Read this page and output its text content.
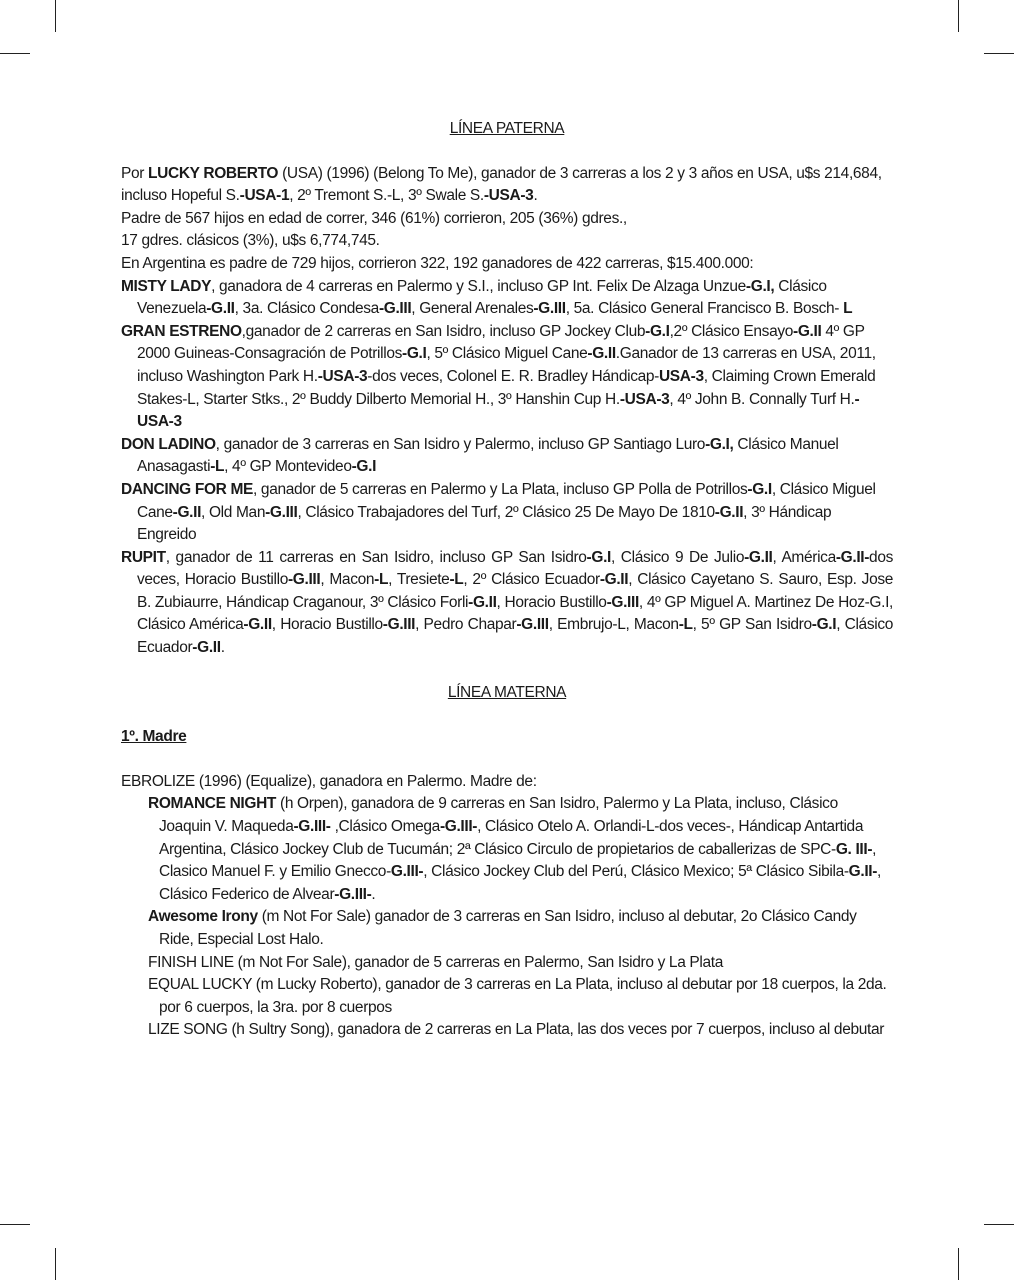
LÍNEA PATERNA

Por LUCKY ROBERTO (USA) (1996) (Belong To Me), ganador de 3 carreras a los 2 y 3 años en USA, u$s 214,684, incluso Hopeful S.-USA-1, 2º Tremont S.-L, 3º Swale S.-USA-3.

Padre de 567 hijos en edad de correr, 346 (61%) corrieron, 205 (36%) gdres.,

17 gdres. clásicos (3%), u$s 6,774,745.

En Argentina es padre de 729 hijos, corrieron 322, 192 ganadores de 422 carreras, $15.400.000:

MISTY LADY, ganadora de 4 carreras en Palermo y S.I., incluso GP Int. Felix De Alzaga Unzue-G.I, Clásico Venezuela-G.II, 3a. Clásico Condesa-G.III, General Arenales-G.III, 5a. Clásico General Francisco B. Bosch- L

GRAN ESTRENO,ganador de 2 carreras en San Isidro, incluso GP Jockey Club-G.I,2º Clásico Ensayo-G.II 4º GP 2000 Guineas-Consagración de Potrillos-G.I, 5º Clásico Miguel Cane-G.II.Ganador de 13 carreras en USA, 2011, incluso Washington Park H.-USA-3-dos veces, Colonel E. R. Bradley Hándicap-USA-3, Claiming Crown Emerald Stakes-L, Starter Stks., 2º Buddy Dilberto Memorial H., 3º Hanshin Cup H.-USA-3, 4º John B. Connally Turf H.-USA-3

DON LADINO, ganador de 3 carreras en San Isidro y Palermo, incluso GP Santiago Luro-G.I, Clásico Manuel Anasagasti-L, 4º GP Montevideo-G.I

DANCING FOR ME, ganador de 5 carreras en Palermo y La Plata, incluso GP Polla de Potrillos-G.I, Clásico Miguel Cane-G.II, Old Man-G.III, Clásico Trabajadores del Turf, 2º Clásico 25 De Mayo De 1810-G.II, 3º Hándicap Engreido

RUPIT, ganador de 11 carreras en San Isidro, incluso GP San Isidro-G.I, Clásico 9 De Julio-G.II, América-G.II-dos veces, Horacio Bustillo-G.III, Macon-L, Tresiete-L, 2º Clásico Ecuador-G.II, Clásico Cayetano S. Sauro, Esp. Jose B. Zubiaurre, Hándicap Craganour, 3º Clásico Forli-G.II, Horacio Bustillo-G.III, 4º GP Miguel A. Martinez De Hoz-G.I, Clásico América-G.II, Horacio Bustillo-G.III, Pedro Chapar-G.III, Embrujo-L, Macon-L, 5º GP San Isidro-G.I, Clásico Ecuador-G.II.

LÍNEA MATERNA
1º. Madre

EBROLIZE (1996) (Equalize), ganadora en Palermo. Madre de:

ROMANCE NIGHT (h Orpen), ganadora de 9 carreras en San Isidro, Palermo y La Plata, incluso, Clásico Joaquin V. Maqueda-G.III- ,Clásico Omega-G.III-, Clásico Otelo A. Orlandi-L-dos veces-, Hándicap Antartida Argentina, Clásico Jockey Club de Tucumán; 2ª Clásico Circulo de propietarios de caballerizas de SPC-G. III-, Clasico Manuel F. y Emilio Gnecco-G.III-, Clásico Jockey Club del Perú, Clásico Mexico; 5ª Clásico Sibila-G.II-, Clásico Federico de Alvear-G.III-.

Awesome Irony (m Not For Sale) ganador de 3 carreras en San Isidro, incluso al debutar, 2o Clásico Candy Ride, Especial Lost Halo.

FINISH LINE (m Not For Sale), ganador de 5 carreras en Palermo, San Isidro y La Plata

EQUAL LUCKY (m Lucky Roberto), ganador de 3 carreras en La Plata, incluso al debutar por 18 cuerpos, la 2da. por 6 cuerpos, la 3ra. por 8 cuerpos

LIZE SONG (h Sultry Song), ganadora de 2 carreras en La Plata, las dos veces por 7 cuerpos, incluso al debutar
